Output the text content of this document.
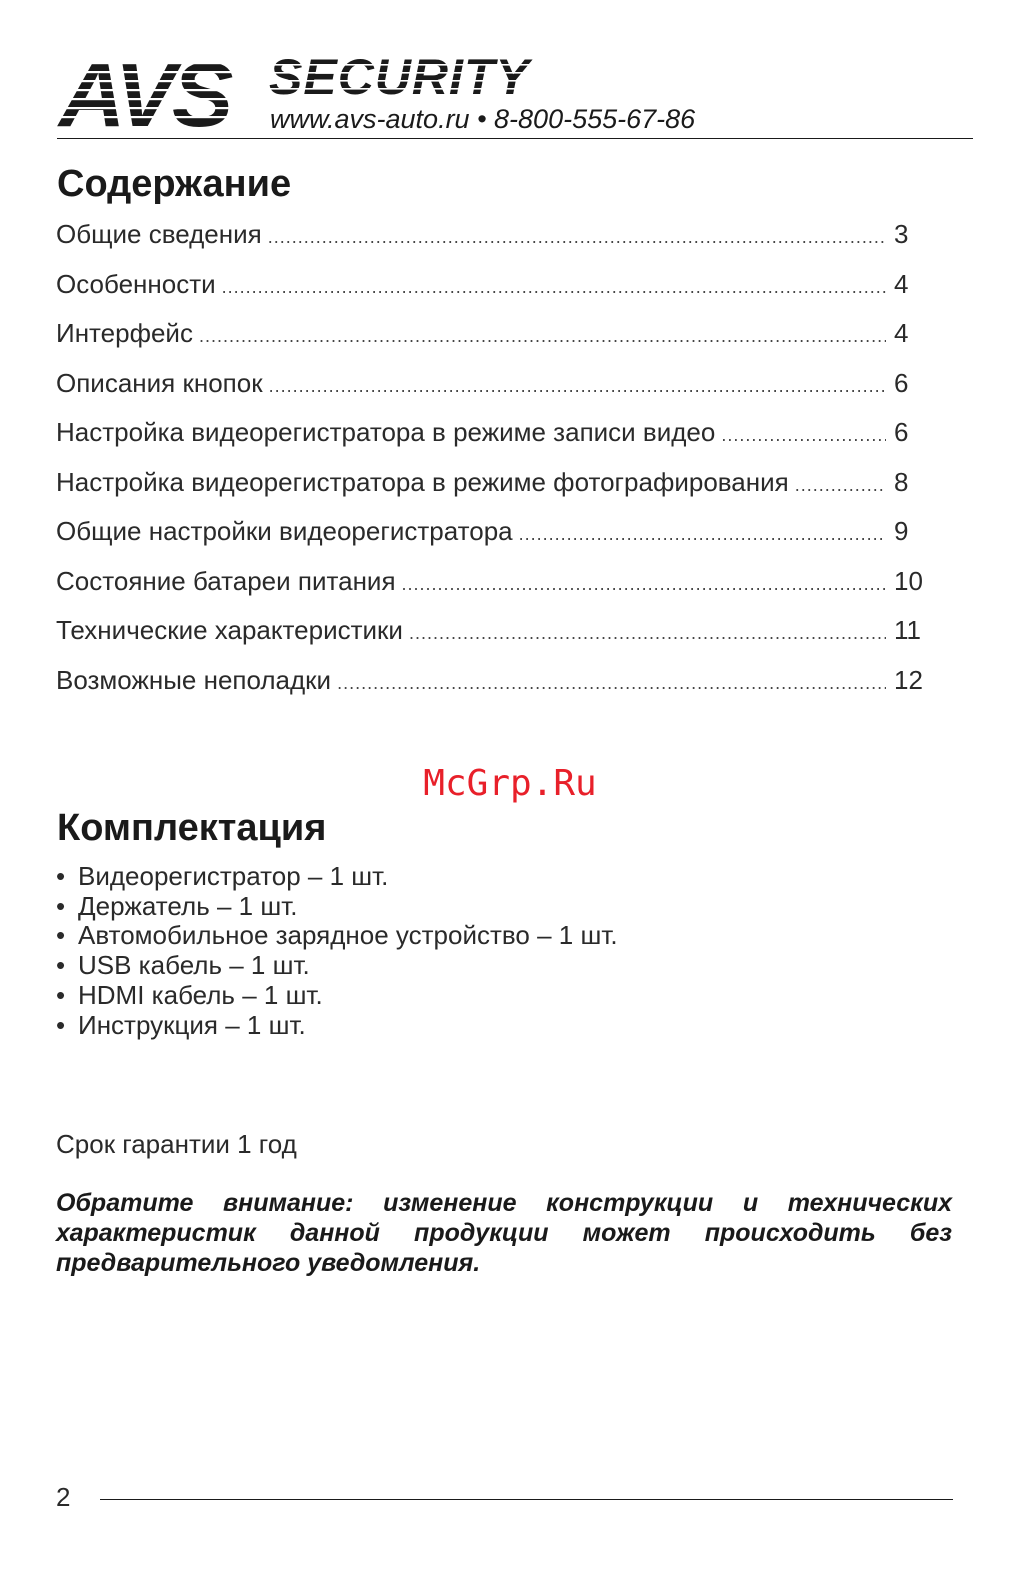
www.avs-auto.ru • 8-800-555-67-86
Содержание
Общие сведения .....	3
Особенности .....	4
Интерфейс .....	4
Описания кнопок .....	6
Настройка видеорегистратора в режиме записи видео .....	6
Настройка видеорегистратора в режиме фотографирования .....	8
Общие настройки видеорегистратора .....	9
Состояние батареи питания .....	10
Технические характеристики .....	11
Возможные неполадки .....	12
McGrp.Ru
Комплектация
• Видеорегистратор – 1 шт.
• Держатель – 1 шт.
• Автомобильное зарядное устройство – 1 шт.
• USB кабель – 1 шт.
• HDMI кабель – 1 шт.
• Инструкция – 1 шт.
Срок гарантии 1 год
Обратите внимание: изменение конструкции и технических характеристик данной продукции может происходить без предварительного уведомления.
2
